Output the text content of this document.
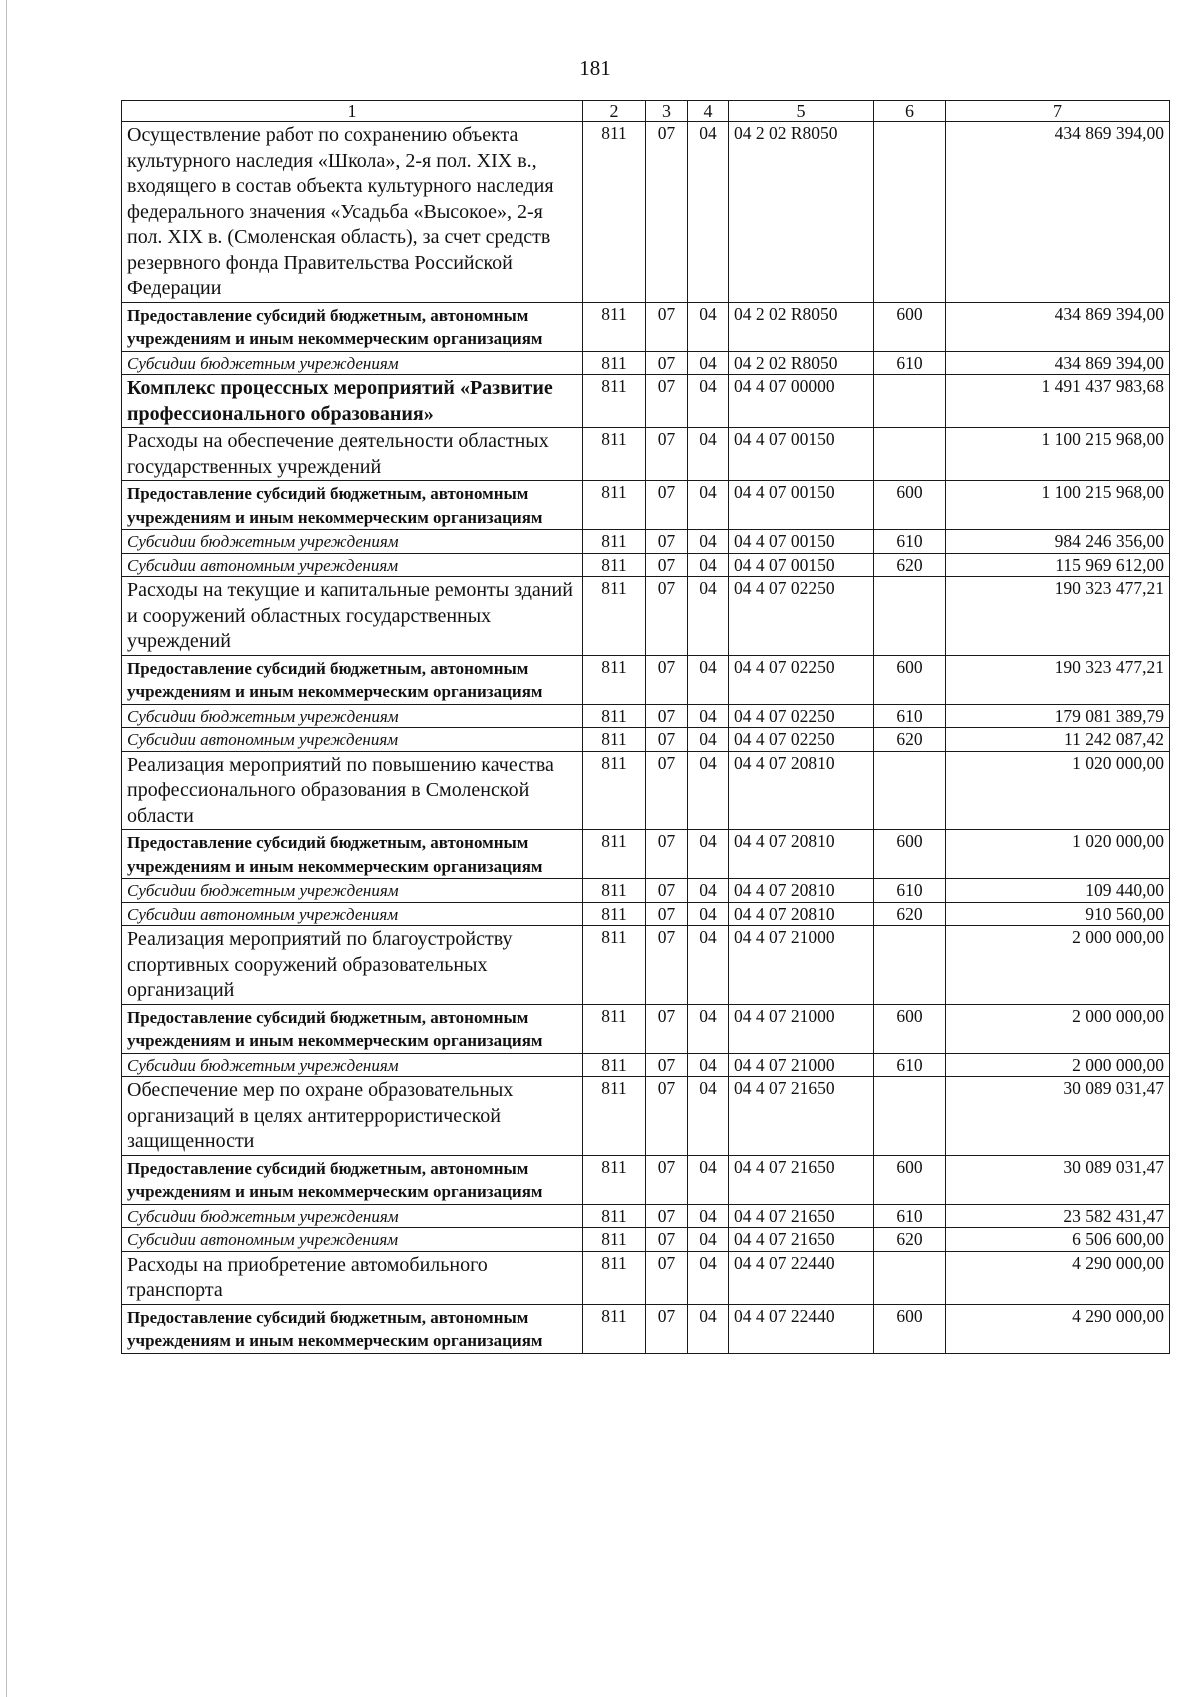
181
1	2	3	4	5	6	7
Осуществление работ по сохранению объекта культурного наследия «Школа», 2-я пол. XIX в., входящего в состав объекта культурного наследия федерального значения «Усадьба «Высокое», 2-я пол. XIX в. (Смоленская область), за счет средств резервного фонда Правительства Российской Федерации	811	07	04	04 2 02 R8050		434 869 394,00
Предоставление субсидий бюджетным, автономным учреждениям и иным некоммерческим организациям	811	07	04	04 2 02 R8050	600	434 869 394,00
Субсидии бюджетным учреждениям	811	07	04	04 2 02 R8050	610	434 869 394,00
Комплекс процессных мероприятий «Развитие профессионального образования»	811	07	04	04 4 07 00000		1 491 437 983,68
Расходы на обеспечение деятельности областных государственных учреждений	811	07	04	04 4 07 00150		1 100 215 968,00
Предоставление субсидий бюджетным, автономным учреждениям и иным некоммерческим организациям	811	07	04	04 4 07 00150	600	1 100 215 968,00
Субсидии бюджетным учреждениям	811	07	04	04 4 07 00150	610	984 246 356,00
Субсидии автономным учреждениям	811	07	04	04 4 07 00150	620	115 969 612,00
Расходы на текущие и капитальные ремонты зданий и сооружений областных государственных учреждений	811	07	04	04 4 07 02250		190 323 477,21
Предоставление субсидий бюджетным, автономным учреждениям и иным некоммерческим организациям	811	07	04	04 4 07 02250	600	190 323 477,21
Субсидии бюджетным учреждениям	811	07	04	04 4 07 02250	610	179 081 389,79
Субсидии автономным учреждениям	811	07	04	04 4 07 02250	620	11 242 087,42
Реализация мероприятий по повышению качества профессионального образования в Смоленской области	811	07	04	04 4 07 20810		1 020 000,00
Предоставление субсидий бюджетным, автономным учреждениям и иным некоммерческим организациям	811	07	04	04 4 07 20810	600	1 020 000,00
Субсидии бюджетным учреждениям	811	07	04	04 4 07 20810	610	109 440,00
Субсидии автономным учреждениям	811	07	04	04 4 07 20810	620	910 560,00
Реализация мероприятий по благоустройству спортивных сооружений образовательных организаций	811	07	04	04 4 07 21000		2 000 000,00
Предоставление субсидий бюджетным, автономным учреждениям и иным некоммерческим организациям	811	07	04	04 4 07 21000	600	2 000 000,00
Субсидии бюджетным учреждениям	811	07	04	04 4 07 21000	610	2 000 000,00
Обеспечение мер по охране образовательных организаций в целях антитеррористической защищенности	811	07	04	04 4 07 21650		30 089 031,47
Предоставление субсидий бюджетным, автономным учреждениям и иным некоммерческим организациям	811	07	04	04 4 07 21650	600	30 089 031,47
Субсидии бюджетным учреждениям	811	07	04	04 4 07 21650	610	23 582 431,47
Субсидии автономным учреждениям	811	07	04	04 4 07 21650	620	6 506 600,00
Расходы на приобретение автомобильного транспорта	811	07	04	04 4 07 22440		4 290 000,00
Предоставление субсидий бюджетным, автономным учреждениям и иным некоммерческим организациям	811	07	04	04 4 07 22440	600	4 290 000,00
